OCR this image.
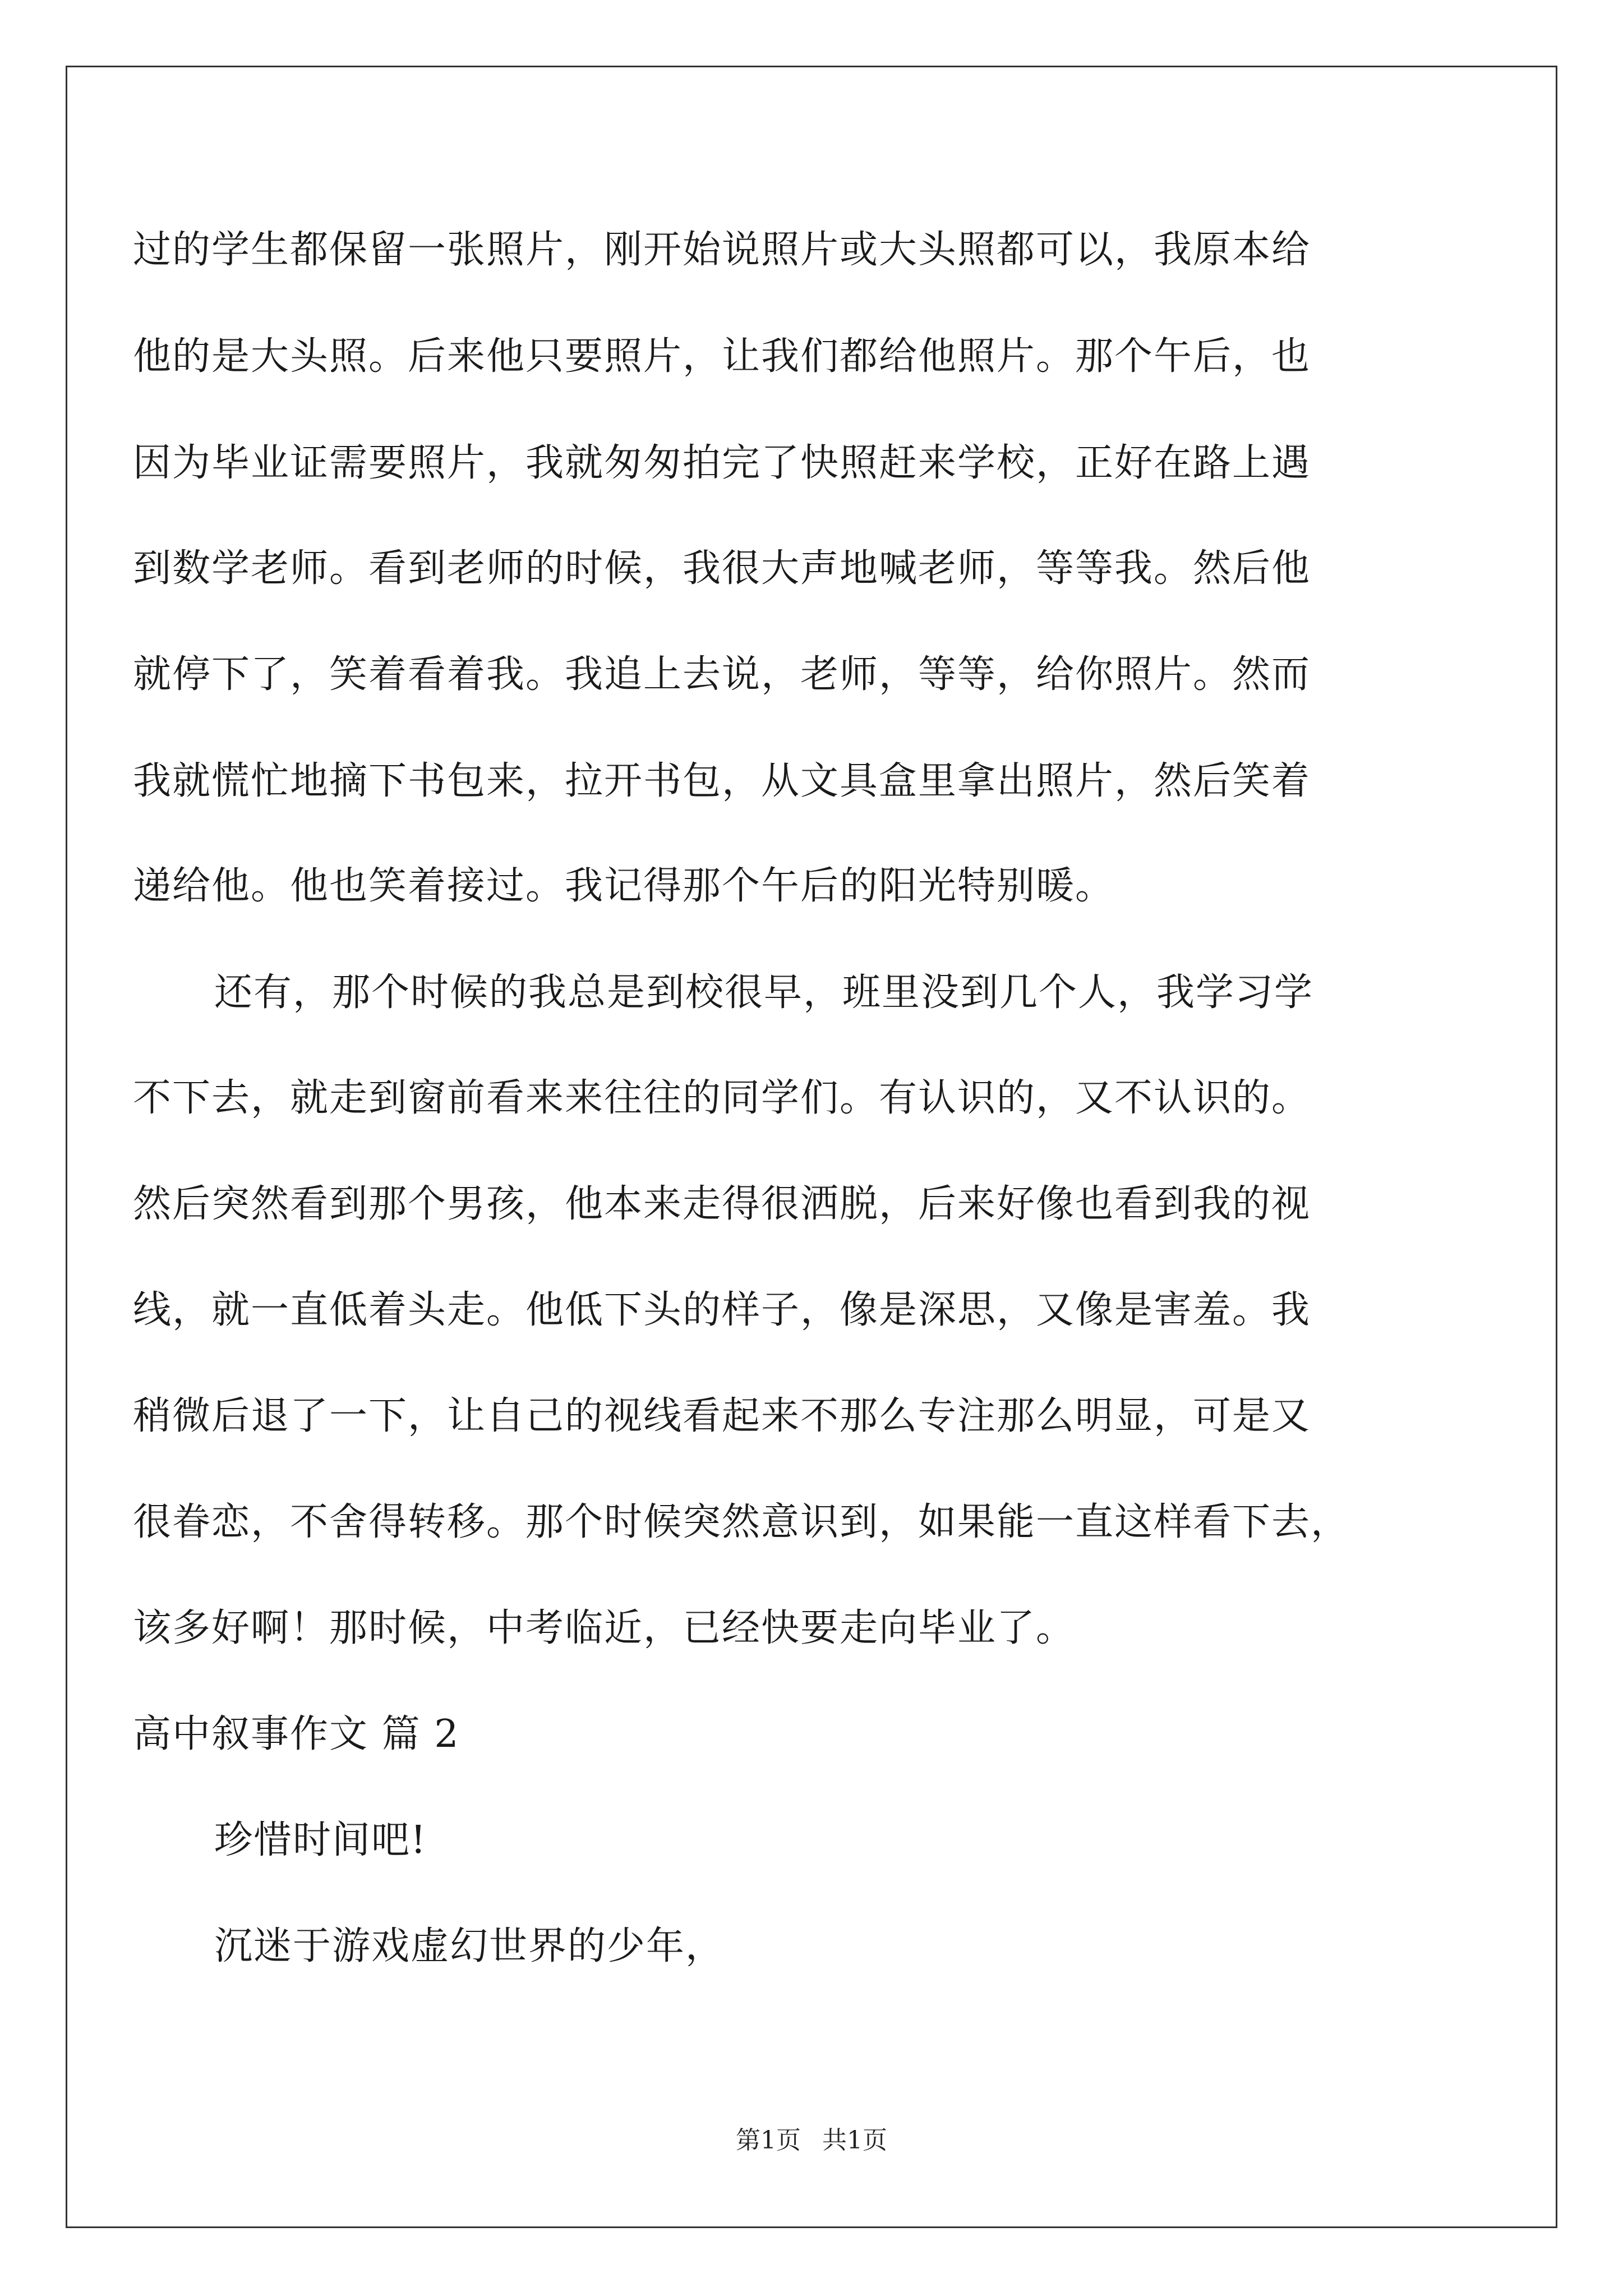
过的学生都保留一张照片，刚开始说照片或大头照都可以，我原本给
他的是大头照。后来他只要照片，让我们都给他照片。那个午后，也
因为毕业证需要照片，我就匆匆拍完了快照赶来学校，正好在路上遇
到数学老师。看到老师的时候，我很大声地喊老师，等等我。然后他
就停下了，笑着看着我。我追上去说，老师，等等，给你照片。然而
我就慌忙地摘下书包来，拉开书包，从文具盒里拿出照片，然后笑着
递给他。他也笑着接过。我记得那个午后的阳光特别暖。
还有，那个时候的我总是到校很早，班里没到几个人，我学习学
不下去，就走到窗前看来来往往的同学们。有认识的，又不认识的。
然后突然看到那个男孩，他本来走得很洒脱，后来好像也看到我的视
线，就一直低着头走。他低下头的样子，像是深思，又像是害羞。我
稍微后退了一下，让自己的视线看起来不那么专注那么明显，可是又
很眷恋，不舍得转移。那个时候突然意识到，如果能一直这样看下去，
该多好啊！那时候，中考临近，已经快要走向毕业了。
高中叙事作文 篇 2
珍惜时间吧!
沉迷于游戏虚幻世界的少年，
第1页 共1页
